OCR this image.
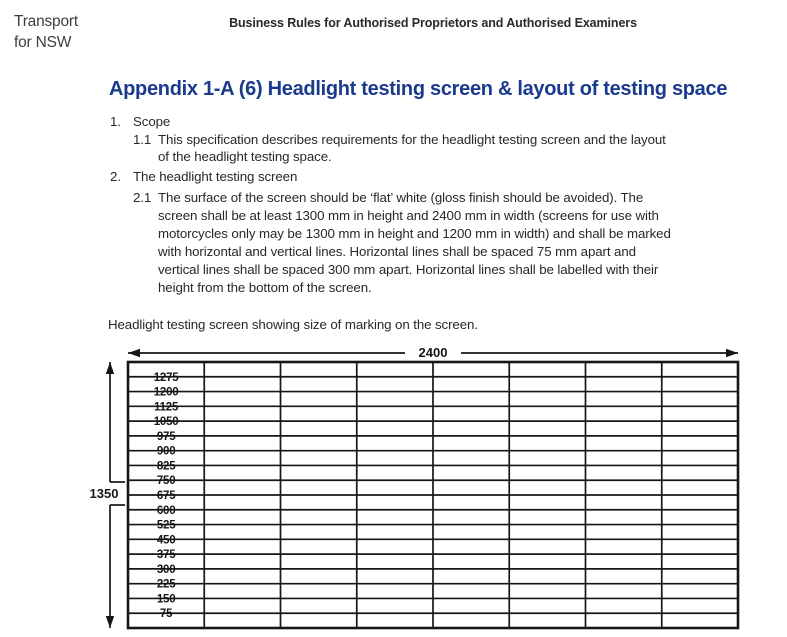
Transport
for NSW
Business Rules for Authorised Proprietors and Authorised Examiners
Appendix 1-A (6) Headlight testing screen & layout of testing space
1. Scope
1.1 This specification describes requirements for the headlight testing screen and the layout
of the headlight testing space.
2. The headlight testing screen
2.1 The surface of the screen should be ‘flat’ white (gloss finish should be avoided). The
screen shall be at least 1300 mm in height and 2400 mm in width (screens for use with
motorcycles only may be 1300 mm in height and 1200 mm in width) and shall be marked
with horizontal and vertical lines. Horizontal lines shall be spaced 75 mm apart and
vertical lines shall be spaced 300 mm apart. Horizontal lines shall be labelled with their
height from the bottom of the screen.
Headlight testing screen showing size of marking on the screen.
2400
1350
1275
1200
1125
1050
975
900
825
750
675
600
525
450
375
300
225
150
75
